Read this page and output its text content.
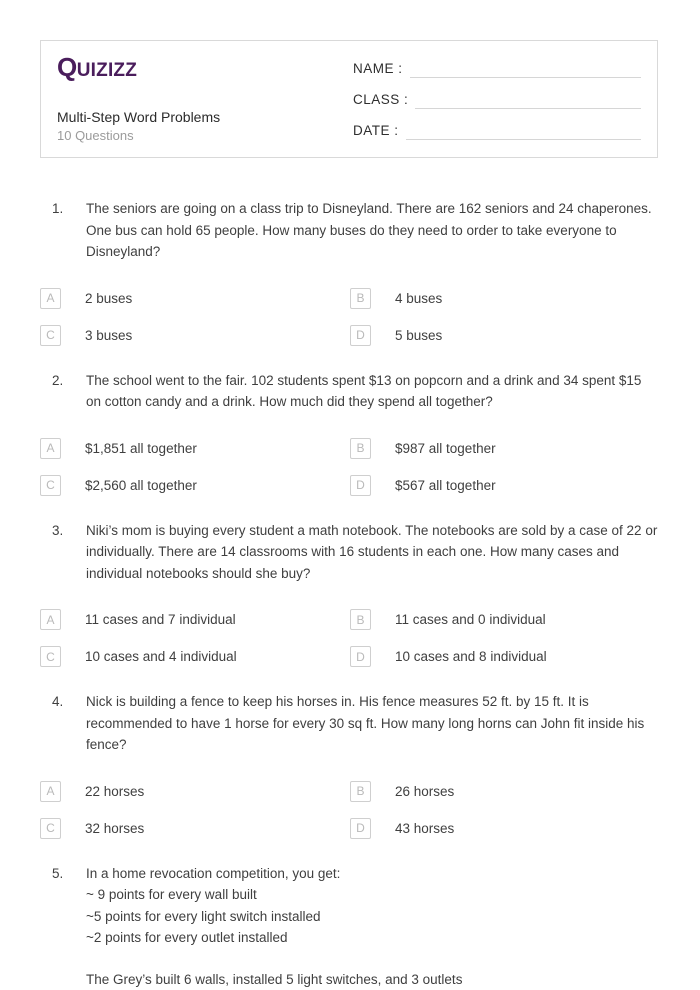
QUIZIZZ
Multi-Step Word Problems
10 Questions
NAME :
CLASS :
DATE :
1.	The seniors are going on a class trip to Disneyland. There are 162 seniors and 24 chaperones. One bus can hold 65 people. How many buses do they need to order to take everyone to Disneyland?
A	2 buses	B	4 buses
C	3 buses	D	5 buses
2.	The school went to the fair. 102 students spent $13 on popcorn and a drink and 34 spent $15 on cotton candy and a drink. How much did they spend all together?
A	$1,851 all together	B	$987 all together
C	$2,560 all together	D	$567 all together
3.	Niki’s mom is buying every student a math notebook. The notebooks are sold by a case of 22 or individually. There are 14 classrooms with 16 students in each one. How many cases and individual notebooks should she buy?
A	11 cases and 7 individual	B	11 cases and 0 individual
C	10 cases and 4 individual	D	10 cases and 8 individual
4.	Nick is building a fence to keep his horses in. His fence measures 52 ft. by 15 ft. It is recommended to have 1 horse for every 30 sq ft. How many long horns can John fit inside his fence?
A	22 horses	B	26 horses
C	32 horses	D	43 horses
5.	In a home revocation competition, you get:
~ 9 points for every wall built
~5 points for every light switch installed
~2 points for every outlet installed
The Grey’s built 6 walls, installed 5 light switches, and 3 outlets
